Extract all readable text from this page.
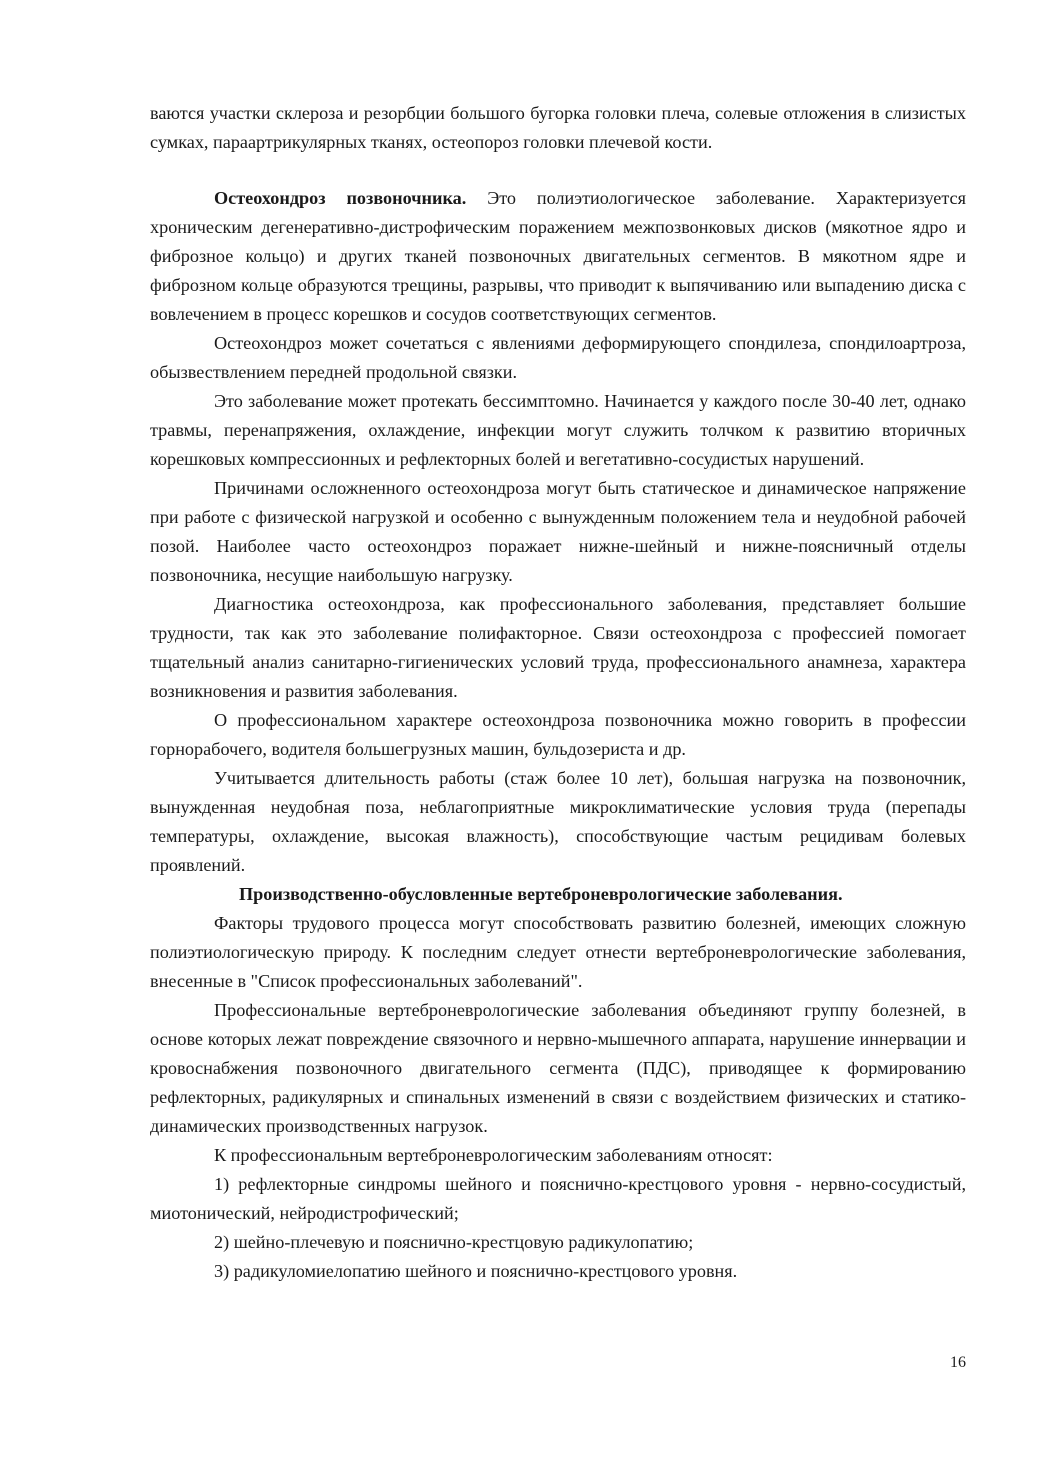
ваются участки склероза и резорбции большого бугорка головки плеча, солевые отложения в слизистых сумках, параартрикулярных тканях, остеопороз головки плечевой кости.

Остеохондроз позвоночника. Это полиэтиологическое заболевание. Характеризуется хроническим дегенеративно-дистрофическим поражением межпозвонковых дисков (мякотное ядро и фиброзное кольцо) и других тканей позвоночных двигательных сегментов. В мякотном ядре и фиброзном кольце образуются трещины, разрывы, что приводит к выпячиванию или выпадению диска с вовлечением в процесс корешков и сосудов соответствующих сегментов.

Остеохондроз может сочетаться с явлениями деформирующего спондилеза, спондилоартроза, обызвествлением передней продольной связки.

Это заболевание может протекать бессимптомно. Начинается у каждого после 30-40 лет, однако травмы, перенапряжения, охлаждение, инфекции могут служить толчком к развитию вторичных корешковых компрессионных и рефлекторных болей и вегетативно-сосудистых нарушений.

Причинами осложненного остеохондроза могут быть статическое и динамическое напряжение при работе с физической нагрузкой и особенно с вынужденным положением тела и неудобной рабочей позой. Наиболее часто остеохондроз поражает нижне-шейный и нижне-поясничный отделы позвоночника, несущие наибольшую нагрузку.

Диагностика остеохондроза, как профессионального заболевания, представляет большие трудности, так как это заболевание полифакторное. Связи остеохондроза с профессией помогает тщательный анализ санитарно-гигиенических условий труда, профессионального анамнеза, характера возникновения и развития заболевания.

О профессиональном характере остеохондроза позвоночника можно говорить в профессии горнорабочего, водителя большегрузных машин, бульдозериста и др.

Учитывается длительность работы (стаж более 10 лет), большая нагрузка на позвоночник, вынужденная неудобная поза, неблагоприятные микроклиматические условия труда (перепады температуры, охлаждение, высокая влажность), способствующие частым рецидивам болевых проявлений.

Производственно-обусловленные вертеброневрологические заболевания.

Факторы трудового процесса могут способствовать развитию болезней, имеющих сложную полиэтиологическую природу. К последним следует отнести вертеброневрологические заболевания, внесенные в "Список профессиональных заболеваний".

Профессиональные вертеброневрологические заболевания объединяют группу болезней, в основе которых лежат повреждение связочного и нервно-мышечного аппарата, нарушение иннервации и кровоснабжения позвоночного двигательного сегмента (ПДС), приводящее к формированию рефлекторных, радикулярных и спинальных изменений в связи с воздействием физических и статико-динамических производственных нагрузок.

К профессиональным вертеброневрологическим заболеваниям относят:

1) рефлекторные синдромы шейного и пояснично-крестцового уровня - нервно-сосудистый, миотонический, нейродистрофический;

2) шейно-плечевую и пояснично-крестцовую радикулопатию;

3) радикуломиелопатию шейного и пояснично-крестцового уровня.

16
